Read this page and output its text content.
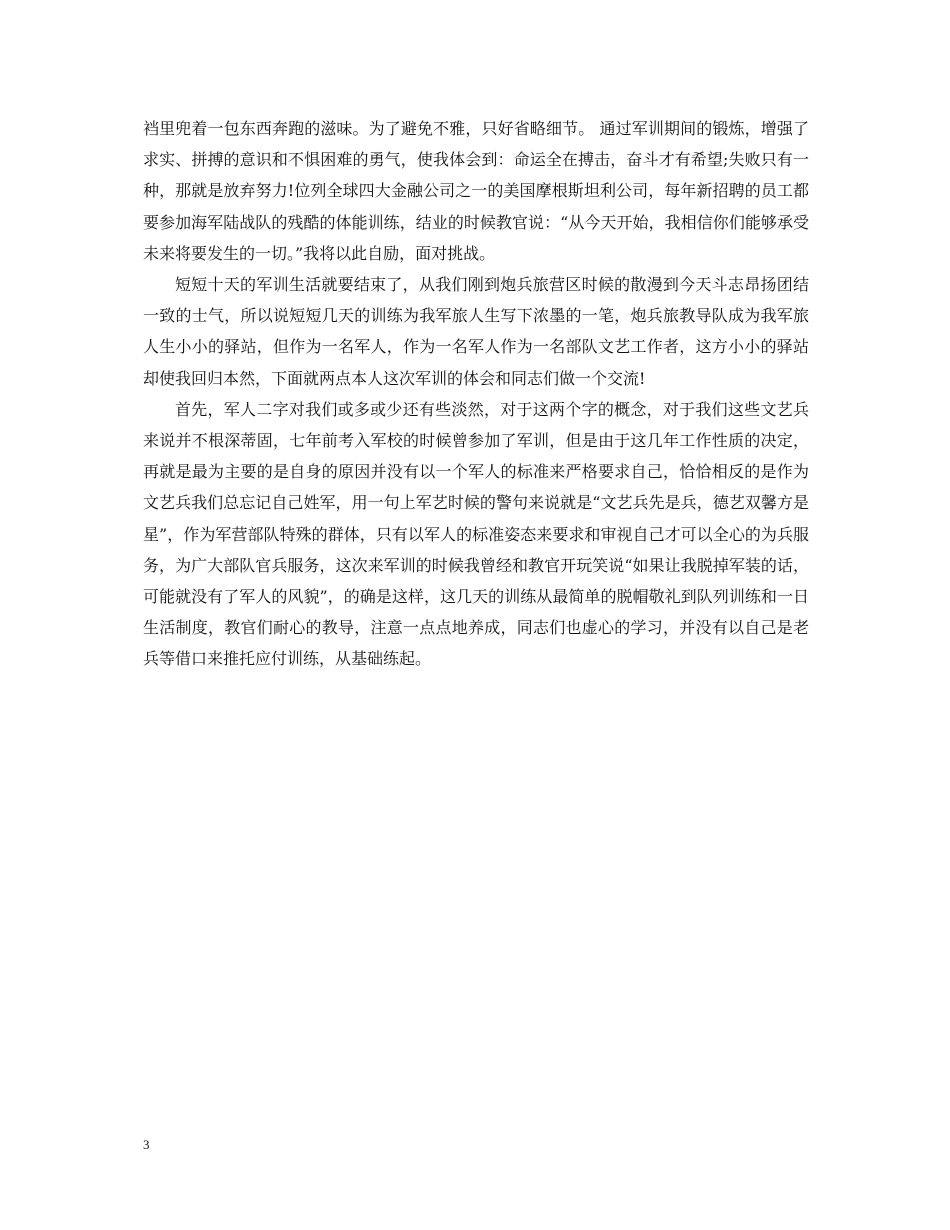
裆里兜着一包东西奔跑的滋味。为了避免不雅，只好省略细节。 通过军训期间的锻炼，增强了求实、拼搏的意识和不惧困难的勇气，使我体会到：命运全在搏击，奋斗才有希望;失败只有一种，那就是放弃努力!位列全球四大金融公司之一的美国摩根斯坦利公司，每年新招聘的员工都要参加海军陆战队的残酷的体能训练，结业的时候教官说：“从今天开始，我相信你们能够承受未来将要发生的一切。”我将以此自励，面对挑战。

短短十天的军训生活就要结束了，从我们刚到炮兵旅营区时候的散漫到今天斗志昂扬团结一致的士气，所以说短短几天的训练为我军旅人生写下浓墨的一笔，炮兵旅教导队成为我军旅人生小小的驿站，但作为一名军人，作为一名军人作为一名部队文艺工作者，这方小小的驿站却使我回归本然，下面就两点本人这次军训的体会和同志们做一个交流!

首先，军人二字对我们或多或少还有些淡然，对于这两个字的概念，对于我们这些文艺兵来说并不根深蒂固，七年前考入军校的时候曾参加了军训，但是由于这几年工作性质的决定，再就是最为主要的是自身的原因并没有以一个军人的标准来严格要求自己，恰恰相反的是作为文艺兵我们总忘记自己姓军，用一句上军艺时候的警句来说就是“文艺兵先是兵，德艺双馨方是星”，作为军营部队特殊的群体，只有以军人的标准姿态来要求和审视自己才可以全心的为兵服务，为广大部队官兵服务，这次来军训的时候我曾经和教官开玩笑说“如果让我脱掉军装的话，可能就没有了军人的风貌”，的确是这样，这几天的训练从最简单的脱帽敬礼到队列训练和一日生活制度，教官们耐心的教导，注意一点点地养成，同志们也虚心的学习，并没有以自己是老兵等借口来推托应付训练，从基础练起。

3
